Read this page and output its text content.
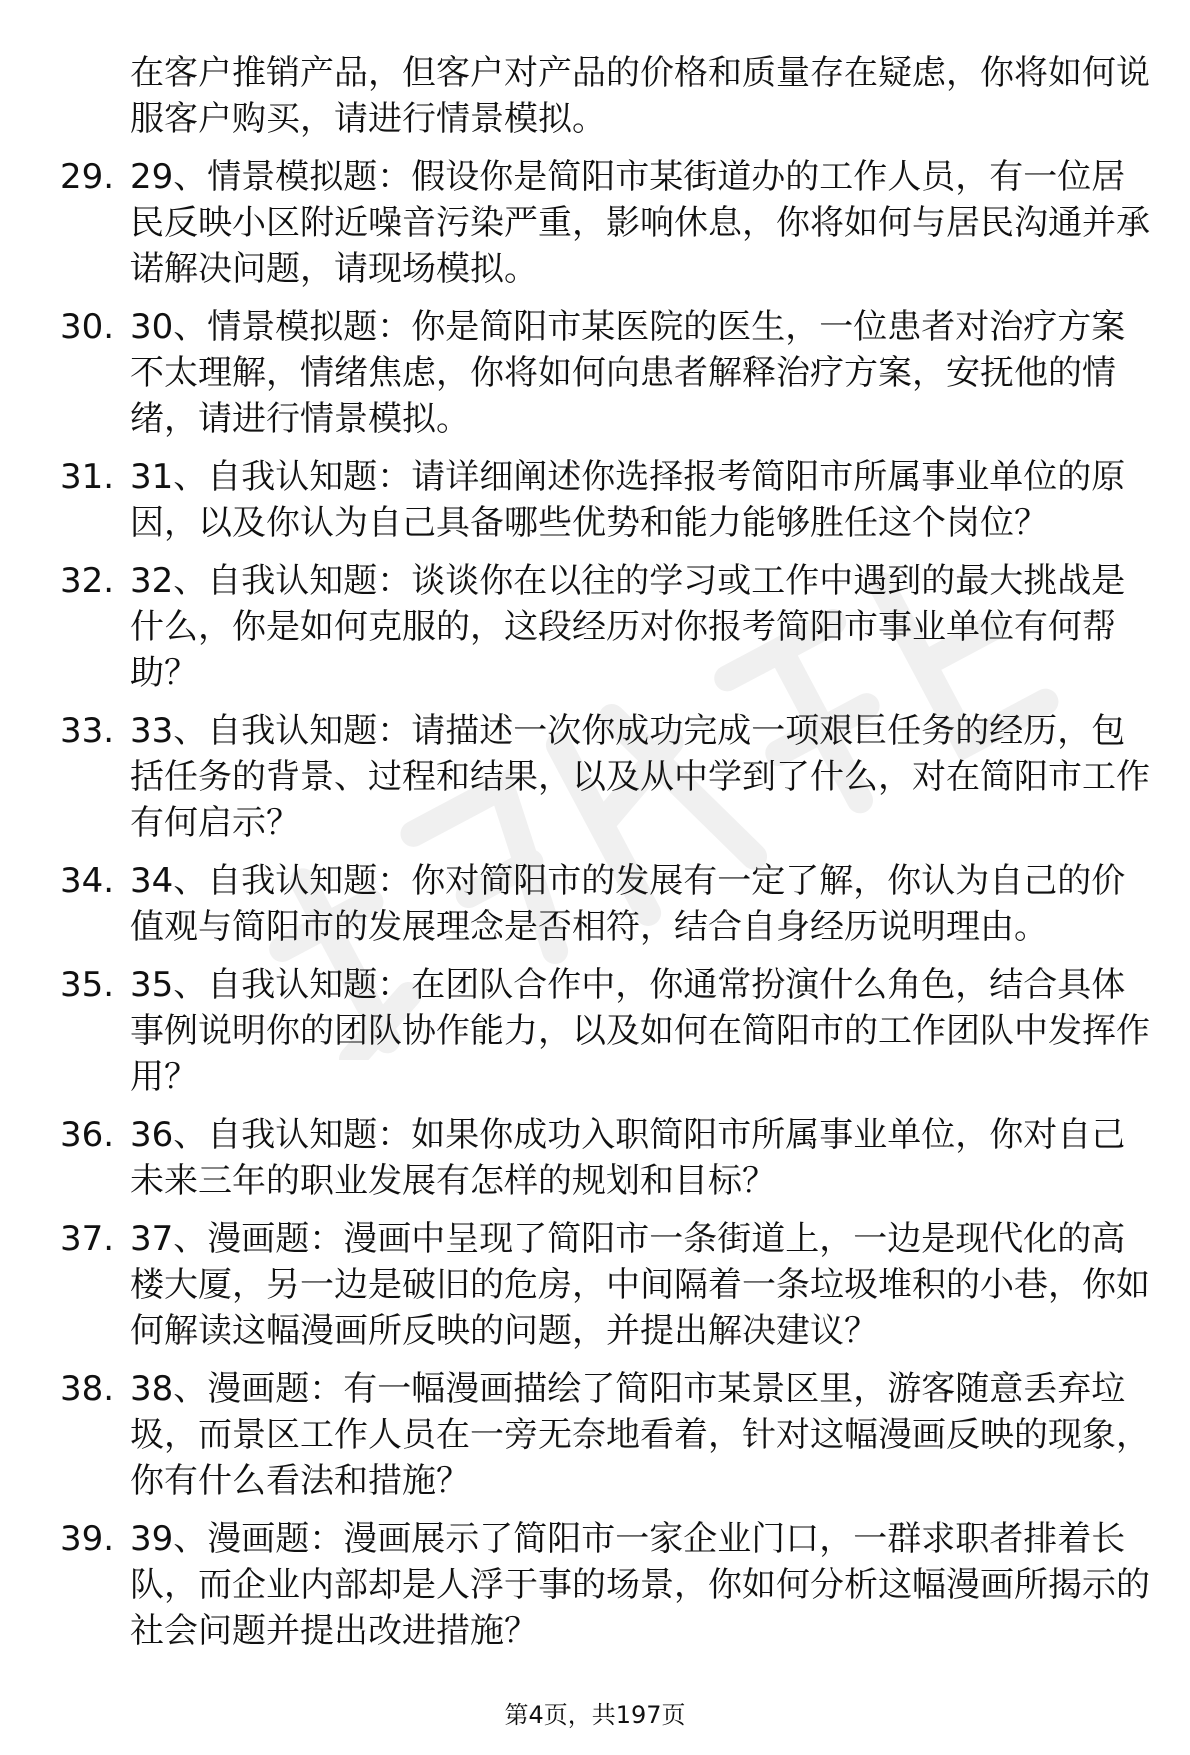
在客户推销产品，但客户对产品的价格和质量存在疑虑，你将如何说服客户购买，请进行情景模拟。
29. 29、情景模拟题：假设你是简阳市某街道办的工作人员，有一位居民反映小区附近噪音污染严重，影响休息，你将如何与居民沟通并承诺解决问题，请现场模拟。
30. 30、情景模拟题：你是简阳市某医院的医生，一位患者对治疗方案不太理解，情绪焦虑，你将如何向患者解释治疗方案，安抚他的情绪，请进行情景模拟。
31. 31、自我认知题：请详细阐述你选择报考简阳市所属事业单位的原因，以及你认为自己具备哪些优势和能力能够胜任这个岗位？
32. 32、自我认知题：谈谈你在以往的学习或工作中遇到的最大挑战是什么，你是如何克服的，这段经历对你报考简阳市事业单位有何帮助？
33. 33、自我认知题：请描述一次你成功完成一项艰巨任务的经历，包括任务的背景、过程和结果，以及从中学到了什么，对在简阳市工作有何启示？
34. 34、自我认知题：你对简阳市的发展有一定了解，你认为自己的价值观与简阳市的发展理念是否相符，结合自身经历说明理由。
35. 35、自我认知题：在团队合作中，你通常扮演什么角色，结合具体事例说明你的团队协作能力，以及如何在简阳市的工作团队中发挥作用？
36. 36、自我认知题：如果你成功入职简阳市所属事业单位，你对自己未来三年的职业发展有怎样的规划和目标？
37. 37、漫画题：漫画中呈现了简阳市一条街道上，一边是现代化的高楼大厦，另一边是破旧的危房，中间隔着一条垃圾堆积的小巷，你如何解读这幅漫画所反映的问题，并提出解决建议？
38. 38、漫画题：有一幅漫画描绘了简阳市某景区里，游客随意丢弃垃圾，而景区工作人员在一旁无奈地看着，针对这幅漫画反映的现象，你有什么看法和措施？
39. 39、漫画题：漫画展示了简阳市一家企业门口，一群求职者排着长队，而企业内部却是人浮于事的场景，你如何分析这幅漫画所揭示的社会问题并提出改进措施？
第4页，共197页
